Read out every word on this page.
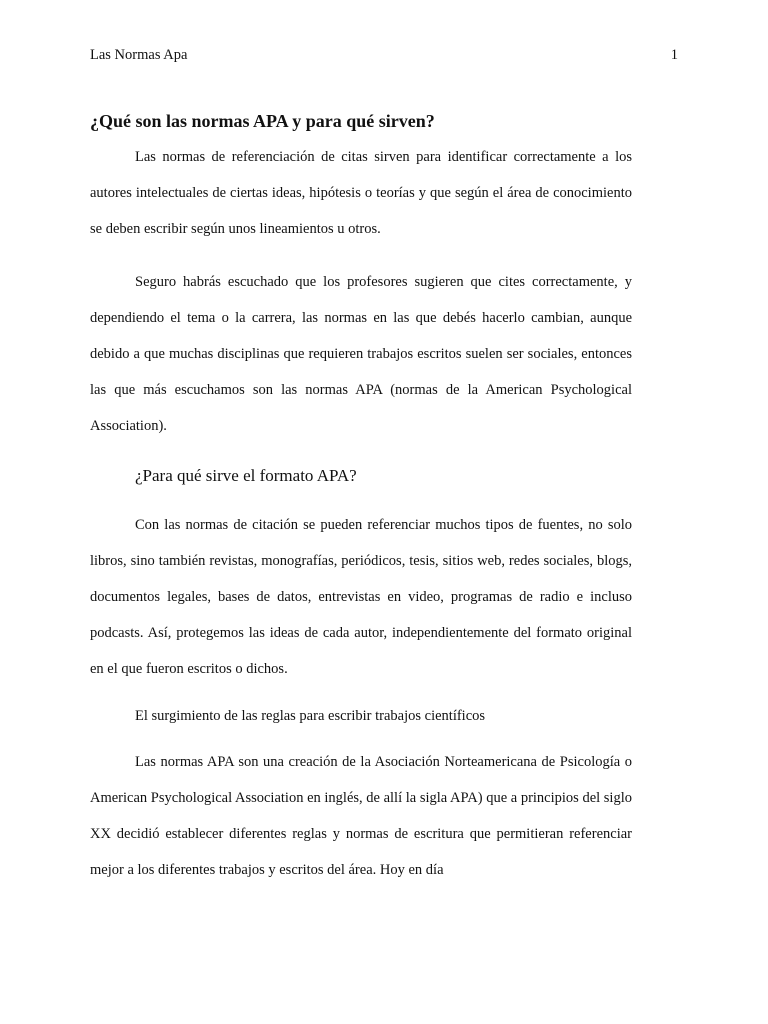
Las Normas Apa	1
¿Qué son las normas APA y para qué sirven?

Las normas de referenciación de citas sirven para identificar correctamente a los autores intelectuales de ciertas ideas, hipótesis o teorías y que según el área de conocimiento se deben escribir según unos lineamientos u otros.

Seguro habrás escuchado que los profesores sugieren que cites correctamente, y dependiendo el tema o la carrera, las normas en las que debés hacerlo cambian, aunque debido a que muchas disciplinas que requieren trabajos escritos suelen ser sociales, entonces las que más escuchamos son las normas APA (normas de la American Psychological Association).

¿Para qué sirve el formato APA?

Con las normas de citación se pueden referenciar muchos tipos de fuentes, no solo libros, sino también revistas, monografías, periódicos, tesis, sitios web, redes sociales, blogs, documentos legales, bases de datos, entrevistas en video, programas de radio e incluso podcasts. Así, protegemos las ideas de cada autor, independientemente del formato original en el que fueron escritos o dichos.

El surgimiento de las reglas para escribir trabajos científicos

Las normas APA son una creación de la Asociación Norteamericana de Psicología o American Psychological Association en inglés, de allí la sigla APA) que a principios del siglo XX decidió establecer diferentes reglas y normas de escritura que permitieran referenciar mejor a los diferentes trabajos y escritos del área. Hoy en día
